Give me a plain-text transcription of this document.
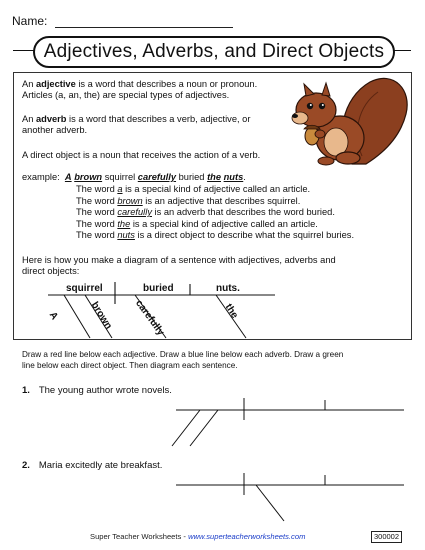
Name:
Adjectives, Adverbs, and Direct Objects
An adjective is a word that describes a noun or pronoun.
Articles (a, an, the) are special types of adjectives.
An adverb is a word that describes a verb, adjective, or
another adverb.
A direct object is a noun that receives the action of a verb.
example: A brown squirrel carefully buried the nuts.
The word a is a special kind of adjective called an article.
The word brown is an adjective that describes squirrel.
The word carefully is an adverb that describes the word buried.
The word the is a special kind of adjective called an article.
The word nuts is a direct object to describe what the squirrel buries.
Here is how you make a diagram of a sentence with adjectives, adverbs and
direct objects:
squirrel	buried	nuts.
A	brown carefully	the
Draw a red line below each adjective. Draw a blue line below each adverb. Draw a green
line below each direct object. Then diagram each sentence.
1. The young author wrote novels.
2. Maria excitedly ate breakfast.
Super Teacher Worksheets - www.superteacherworksheets.com	300002
